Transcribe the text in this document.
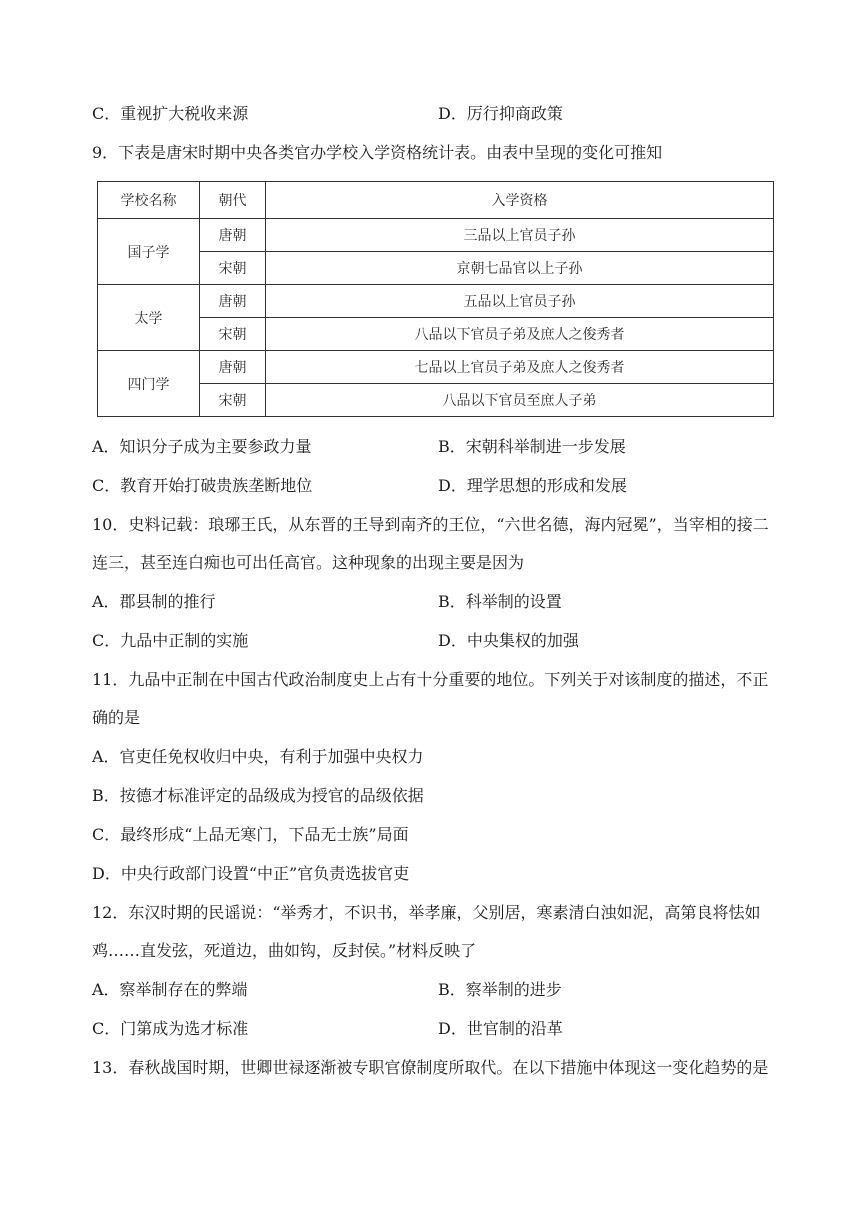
C．重视扩大税收来源	D．厉行抑商政策
9．下表是唐宋时期中央各类官办学校入学资格统计表。由表中呈现的变化可推知
学校名称	朝代	入学资格
国子学	唐朝	三品以上官员子孙
	宋朝	京朝七品官以上子孙
太学	唐朝	五品以上官员子孙
	宋朝	八品以下官员子弟及庶人之俊秀者
四门学	唐朝	七品以上官员子弟及庶人之俊秀者
	宋朝	八品以下官员至庶人子弟
A．知识分子成为主要参政力量	B．宋朝科举制进一步发展
C．教育开始打破贵族垄断地位	D．理学思想的形成和发展
10．史料记载：琅琊王氏，从东晋的王导到南齐的王位，“六世名德，海内冠冕”，当宰相的接二连三，甚至连白痴也可出任高官。这种现象的出现主要是因为
A．郡县制的推行	B．科举制的设置
C．九品中正制的实施	D．中央集权的加强
11．九品中正制在中国古代政治制度史上占有十分重要的地位。下列关于对该制度的描述，不正确的是
A．官吏任免权收归中央，有利于加强中央权力
B．按德才标准评定的品级成为授官的品级依据
C．最终形成“上品无寒门，下品无士族”局面
D．中央行政部门设置“中正”官负责选拔官吏
12．东汉时期的民谣说：“举秀才，不识书，举孝廉，父别居，寒素清白浊如泥，高第良将怯如鸡……直发弦，死道边，曲如钩，反封侯。”材料反映了
A．察举制存在的弊端	B．察举制的进步
C．门第成为选才标准	D．世官制的沿革
13．春秋战国时期，世卿世禄逐渐被专职官僚制度所取代。在以下措施中体现这一变化趋势的是
